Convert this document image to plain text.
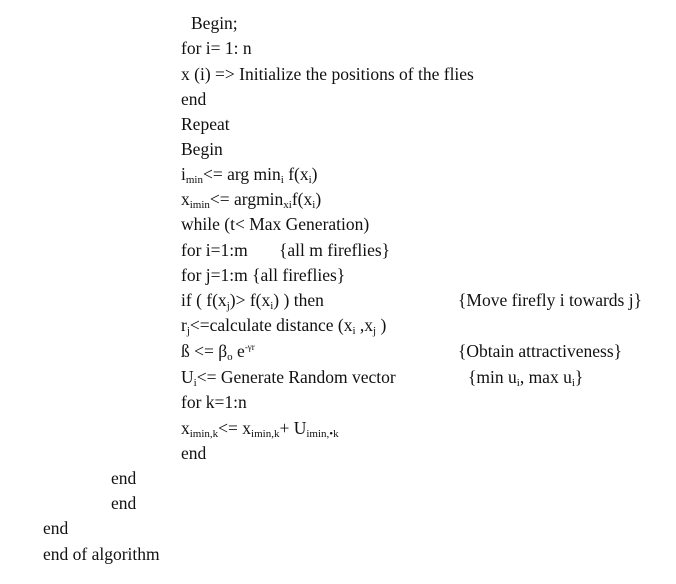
Begin;
for i= 1: n
x (i) => Initialize the positions of the flies
end
Repeat
Begin
$i_{min}<=$ arg $\min_i f(x_i)$
$x_{imin}<= argmin_{xi}f(x_i)$
while (t< Max Generation)
for i=1:m {all m fireflies}
for j=1:m {all fireflies}
if ( $f(x_j)> f(x_i)$ ) then	{Move firefly i towards j}
$r_j<=calculate$ distance ($x_i$ $,x_j$ )
ß <= $\beta_o$ $e^{-\gamma r}$	{Obtain attractiveness}
$U_i<=$ Generate Random vector	{min $u_i$, $\max u_i$}
for k=1:n
$x_{imin,k}<= x_{imin,k}+ U_{imin,•k}$
end
end
end
end
end of algorithm
